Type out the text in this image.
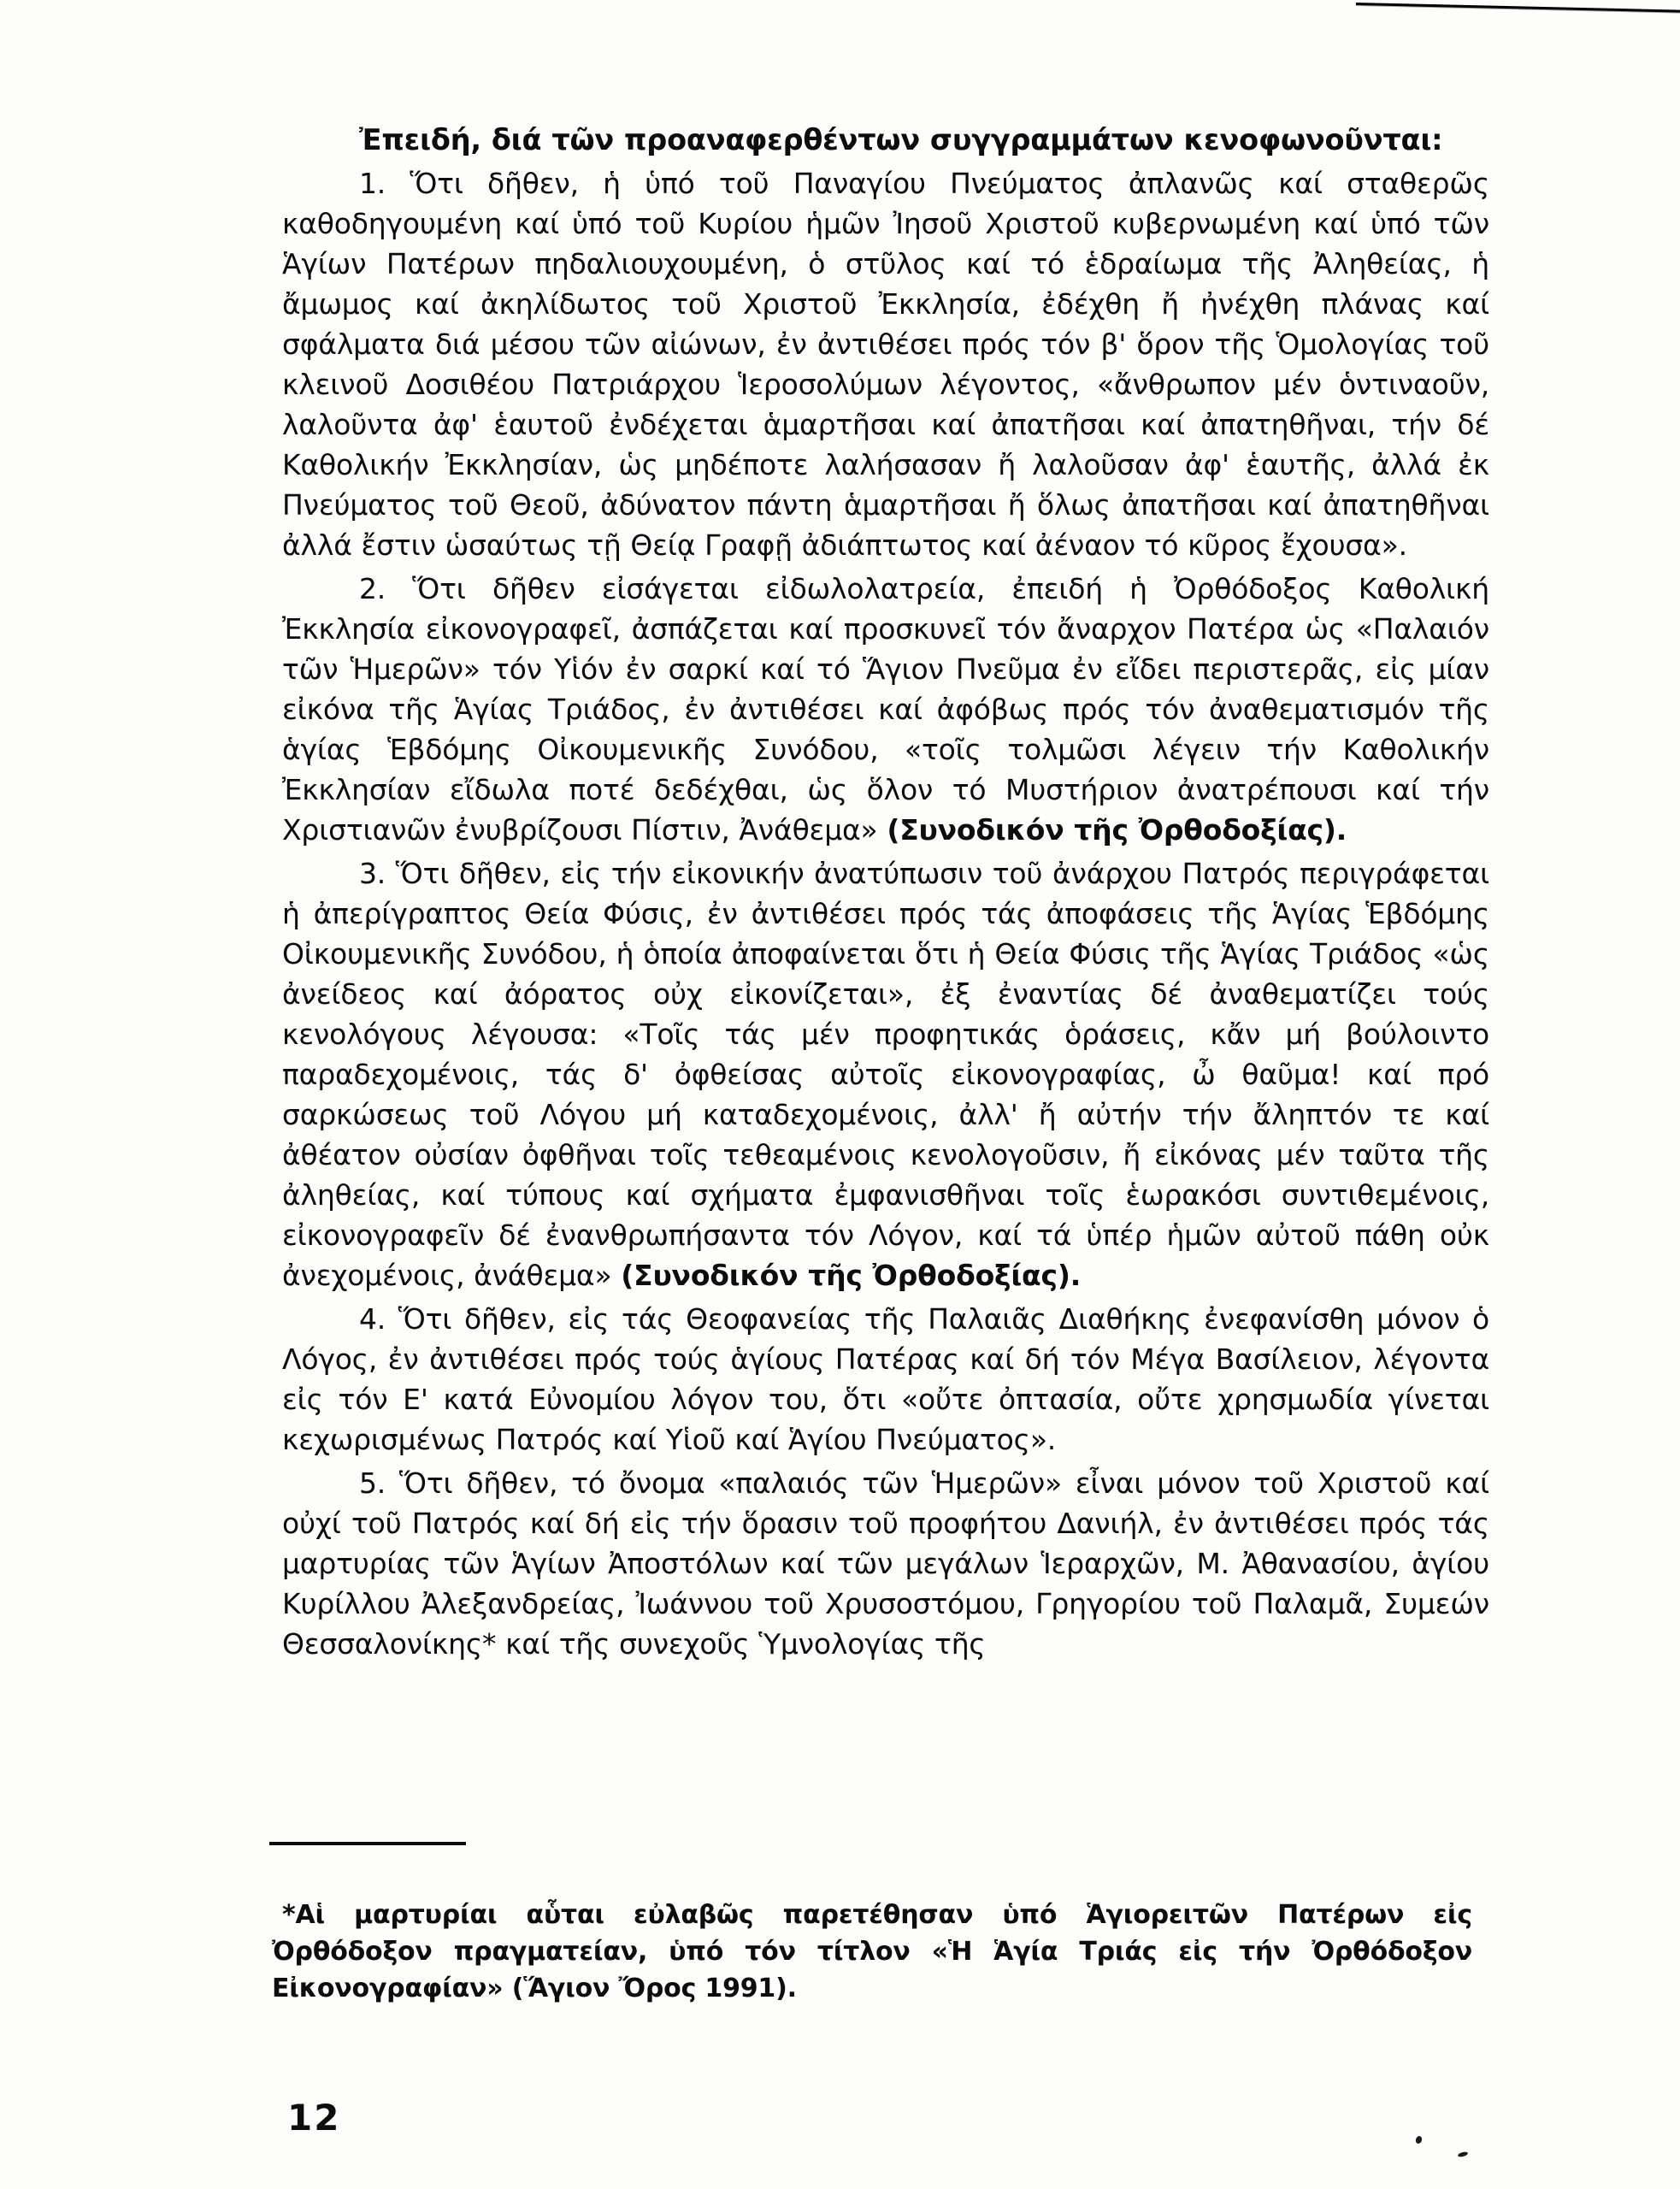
Ἐπειδή, διά τῶν προαναφερθέντων συγγραμμάτων κενοφωνοῦνται:

1. Ὅτι δῆθεν, ἡ ὑπό τοῦ Παναγίου Πνεύματος ἀπλανῶς καί σταθερῶς καθοδηγουμένη καί ὑπό τοῦ Κυρίου ἡμῶν Ἰησοῦ Χριστοῦ κυβερνωμένη καί ὑπό τῶν Ἁγίων Πατέρων πηδαλιουχουμένη, ὁ στῦλος καί τό ἑδραίωμα τῆς Ἀληθείας, ἡ ἄμωμος καί ἀκηλίδωτος τοῦ Χριστοῦ Ἐκκλησία, ἐδέχθη ἤ ἠνέχθη πλάνας καί σφάλματα διά μέσου τῶν αἰώνων, ἐν ἀντιθέσει πρός τόν β' ὅρον τῆς Ὁμολογίας τοῦ κλεινοῦ Δοσιθέου Πατριάρχου Ἱεροσολύμων λέγοντος, «ἄνθρωπον μέν ὁντιναοῦν, λαλοῦντα ἀφ' ἑαυτοῦ ἐνδέχεται ἁμαρτῆσαι καί ἀπατῆσαι καί ἀπατηθῆναι, τήν δέ Καθολικήν Ἐκκλησίαν, ὡς μηδέποτε λαλήσασαν ἤ λαλοῦσαν ἀφ' ἑαυτῆς, ἀλλά ἐκ Πνεύματος τοῦ Θεοῦ, ἀδύνατον πάντη ἁμαρτῆσαι ἤ ὅλως ἀπατῆσαι καί ἀπατηθῆναι ἀλλά ἔστιν ὡσαύτως τῇ Θείᾳ Γραφῇ ἀδιάπτωτος καί ἀέναον τό κῦρος ἔχουσα».

2. Ὅτι δῆθεν εἰσάγεται εἰδωλολατρεία, ἐπειδή ἡ Ὀρθόδοξος Καθολική Ἐκκλησία εἰκονογραφεῖ, ἀσπάζεται καί προσκυνεῖ τόν ἄναρχον Πατέρα ὡς «Παλαιόν τῶν Ἡμερῶν» τόν Υἱόν ἐν σαρκί καί τό Ἅγιον Πνεῦμα ἐν εἴδει περιστερᾶς, εἰς μίαν εἰκόνα τῆς Ἁγίας Τριάδος, ἐν ἀντιθέσει καί ἀφόβως πρός τόν ἀναθεματισμόν τῆς ἁγίας Ἑβδόμης Οἰκουμενικῆς Συνόδου, «τοῖς τολμῶσι λέγειν τήν Καθολικήν Ἐκκλησίαν εἴδωλα ποτέ δεδέχθαι, ὡς ὅλον τό Μυστήριον ἀνατρέπουσι καί τήν Χριστιανῶν ἐνυβρίζουσι Πίστιν, Ἀνάθεμα» (Συνοδικόν τῆς Ὀρθοδοξίας).

3. Ὅτι δῆθεν, εἰς τήν εἰκονικήν ἀνατύπωσιν τοῦ ἀνάρχου Πατρός περιγράφεται ἡ ἀπερίγραπτος Θεία Φύσις, ἐν ἀντιθέσει πρός τάς ἀποφάσεις τῆς Ἁγίας Ἑβδόμης Οἰκουμενικῆς Συνόδου, ἡ ὁποία ἀποφαίνεται ὅτι ἡ Θεία Φύσις τῆς Ἁγίας Τριάδος «ὡς ἀνείδεος καί ἀόρατος οὐχ εἰκονίζεται», ἐξ ἐναντίας δέ ἀναθεματίζει τούς κενολόγους λέγουσα: «Τοῖς τάς μέν προφητικάς ὁράσεις, κἄν μή βούλοιντο παραδεχομένοις, τάς δ' ὀφθείσας αὐτοῖς εἰκονογραφίας, ὦ θαῦμα! καί πρό σαρκώσεως τοῦ Λόγου μή καταδεχομένοις, ἀλλ' ἤ αὐτήν τήν ἄληπτόν τε καί ἀθέατον οὐσίαν ὀφθῆναι τοῖς τεθεαμένοις κενολογοῦσιν, ἤ εἰκόνας μέν ταῦτα τῆς ἀληθείας, καί τύπους καί σχήματα ἐμφανισθῆναι τοῖς ἑωρακόσι συντιθεμένοις, εἰκονογραφεῖν δέ ἐνανθρωπήσαντα τόν Λόγον, καί τά ὑπέρ ἡμῶν αὐτοῦ πάθη οὐκ ἀνεχομένοις, ἀνάθεμα» (Συνοδικόν τῆς Ὀρθοδοξίας).

4. Ὅτι δῆθεν, εἰς τάς Θεοφανείας τῆς Παλαιᾶς Διαθήκης ἐνεφανίσθη μόνον ὁ Λόγος, ἐν ἀντιθέσει πρός τούς ἁγίους Πατέρας καί δή τόν Μέγα Βασίλειον, λέγοντα εἰς τόν Ε' κατά Εὐνομίου λόγον του, ὅτι «οὔτε ὀπτασία, οὔτε χρησμωδία γίνεται κεχωρισμένως Πατρός καί Υἱοῦ καί Ἁγίου Πνεύματος».

5. Ὅτι δῆθεν, τό ὄνομα «παλαιός τῶν Ἡμερῶν» εἶναι μόνον τοῦ Χριστοῦ καί οὐχί τοῦ Πατρός καί δή εἰς τήν ὅρασιν τοῦ προφήτου Δανιήλ, ἐν ἀντιθέσει πρός τάς μαρτυρίας τῶν Ἁγίων Ἀποστόλων καί τῶν μεγάλων Ἱεραρχῶν, Μ. Ἀθανασίου, ἁγίου Κυρίλλου Ἀλεξανδρείας, Ἰωάννου τοῦ Χρυσοστόμου, Γρηγορίου τοῦ Παλαμᾶ, Συμεών Θεσσαλονίκης* καί τῆς συνεχοῦς Ὑμνολογίας τῆς

*Αἱ μαρτυρίαι αὗται εὐλαβῶς παρετέθησαν ὑπό Ἁγιορειτῶν Πατέρων εἰς Ὀρθόδοξον πραγματείαν, ὑπό τόν τίτλον «Ἡ Ἁγία Τριάς εἰς τήν Ὀρθόδοξον Εἰκονογραφίαν» (Ἅγιον Ὄρος 1991).

12
